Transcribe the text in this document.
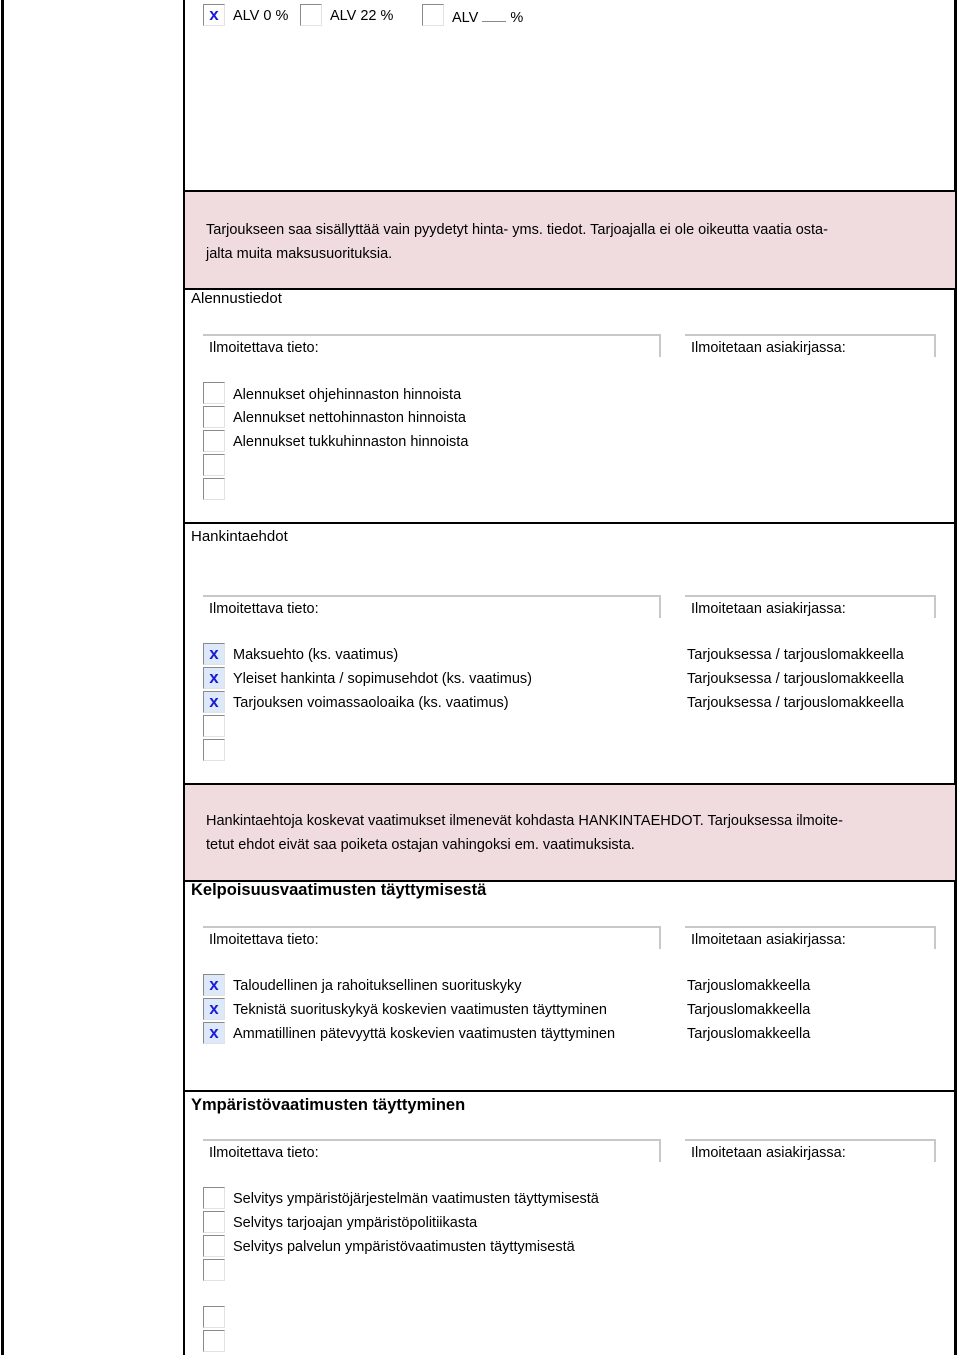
x ALV 0 %	ALV 22 %	ALV %

Tarjoukseen saa sisällyttää vain pyydetyt hinta- yms. tiedot. Tarjoajalla ei ole oikeutta vaatia osta-

jalta muita maksusuorituksia.

Alennustiedot
Ilmoitettava tieto:	Ilmoitetaan asiakirjassa:
Alennukset ohjehinnaston hinnoista
Alennukset nettohinnaston hinnoista
Alennukset tukkuhinnaston hinnoista
Hankintaehdot
Ilmoitettava tieto:	Ilmoitetaan asiakirjassa:
x Maksuehto (ks. vaatimus)	Tarjouksessa / tarjouslomakkeella
x Yleiset hankinta / sopimusehdot (ks. vaatimus)	Tarjouksessa / tarjouslomakkeella
x Tarjouksen voimassaoloaika (ks. vaatimus)	Tarjouksessa / tarjouslomakkeella

Hankintaehtoja koskevat vaatimukset ilmenevät kohdasta HANKINTAEHDOT. Tarjouksessa ilmoite-

tetut ehdot eivät saa poiketa ostajan vahingoksi em. vaatimuksista.

Kelpoisuusvaatimusten täyttymisestä
Ilmoitettava tieto:	Ilmoitetaan asiakirjassa:
x Taloudellinen ja rahoituksellinen suorituskyky	Tarjouslomakkeella
x Teknistä suorituskykyä koskevien vaatimusten täyttyminen	Tarjouslomakkeella
x Ammatillinen pätevyyttä koskevien vaatimusten täyttyminen	Tarjouslomakkeella
Ympäristövaatimusten täyttyminen
Ilmoitettava tieto:	Ilmoitetaan asiakirjassa:
Selvitys ympäristöjärjestelmän vaatimusten täyttymisestä
Selvitys tarjoajan ympäristöpolitiikasta
Selvitys palvelun ympäristövaatimusten täyttymisestä
